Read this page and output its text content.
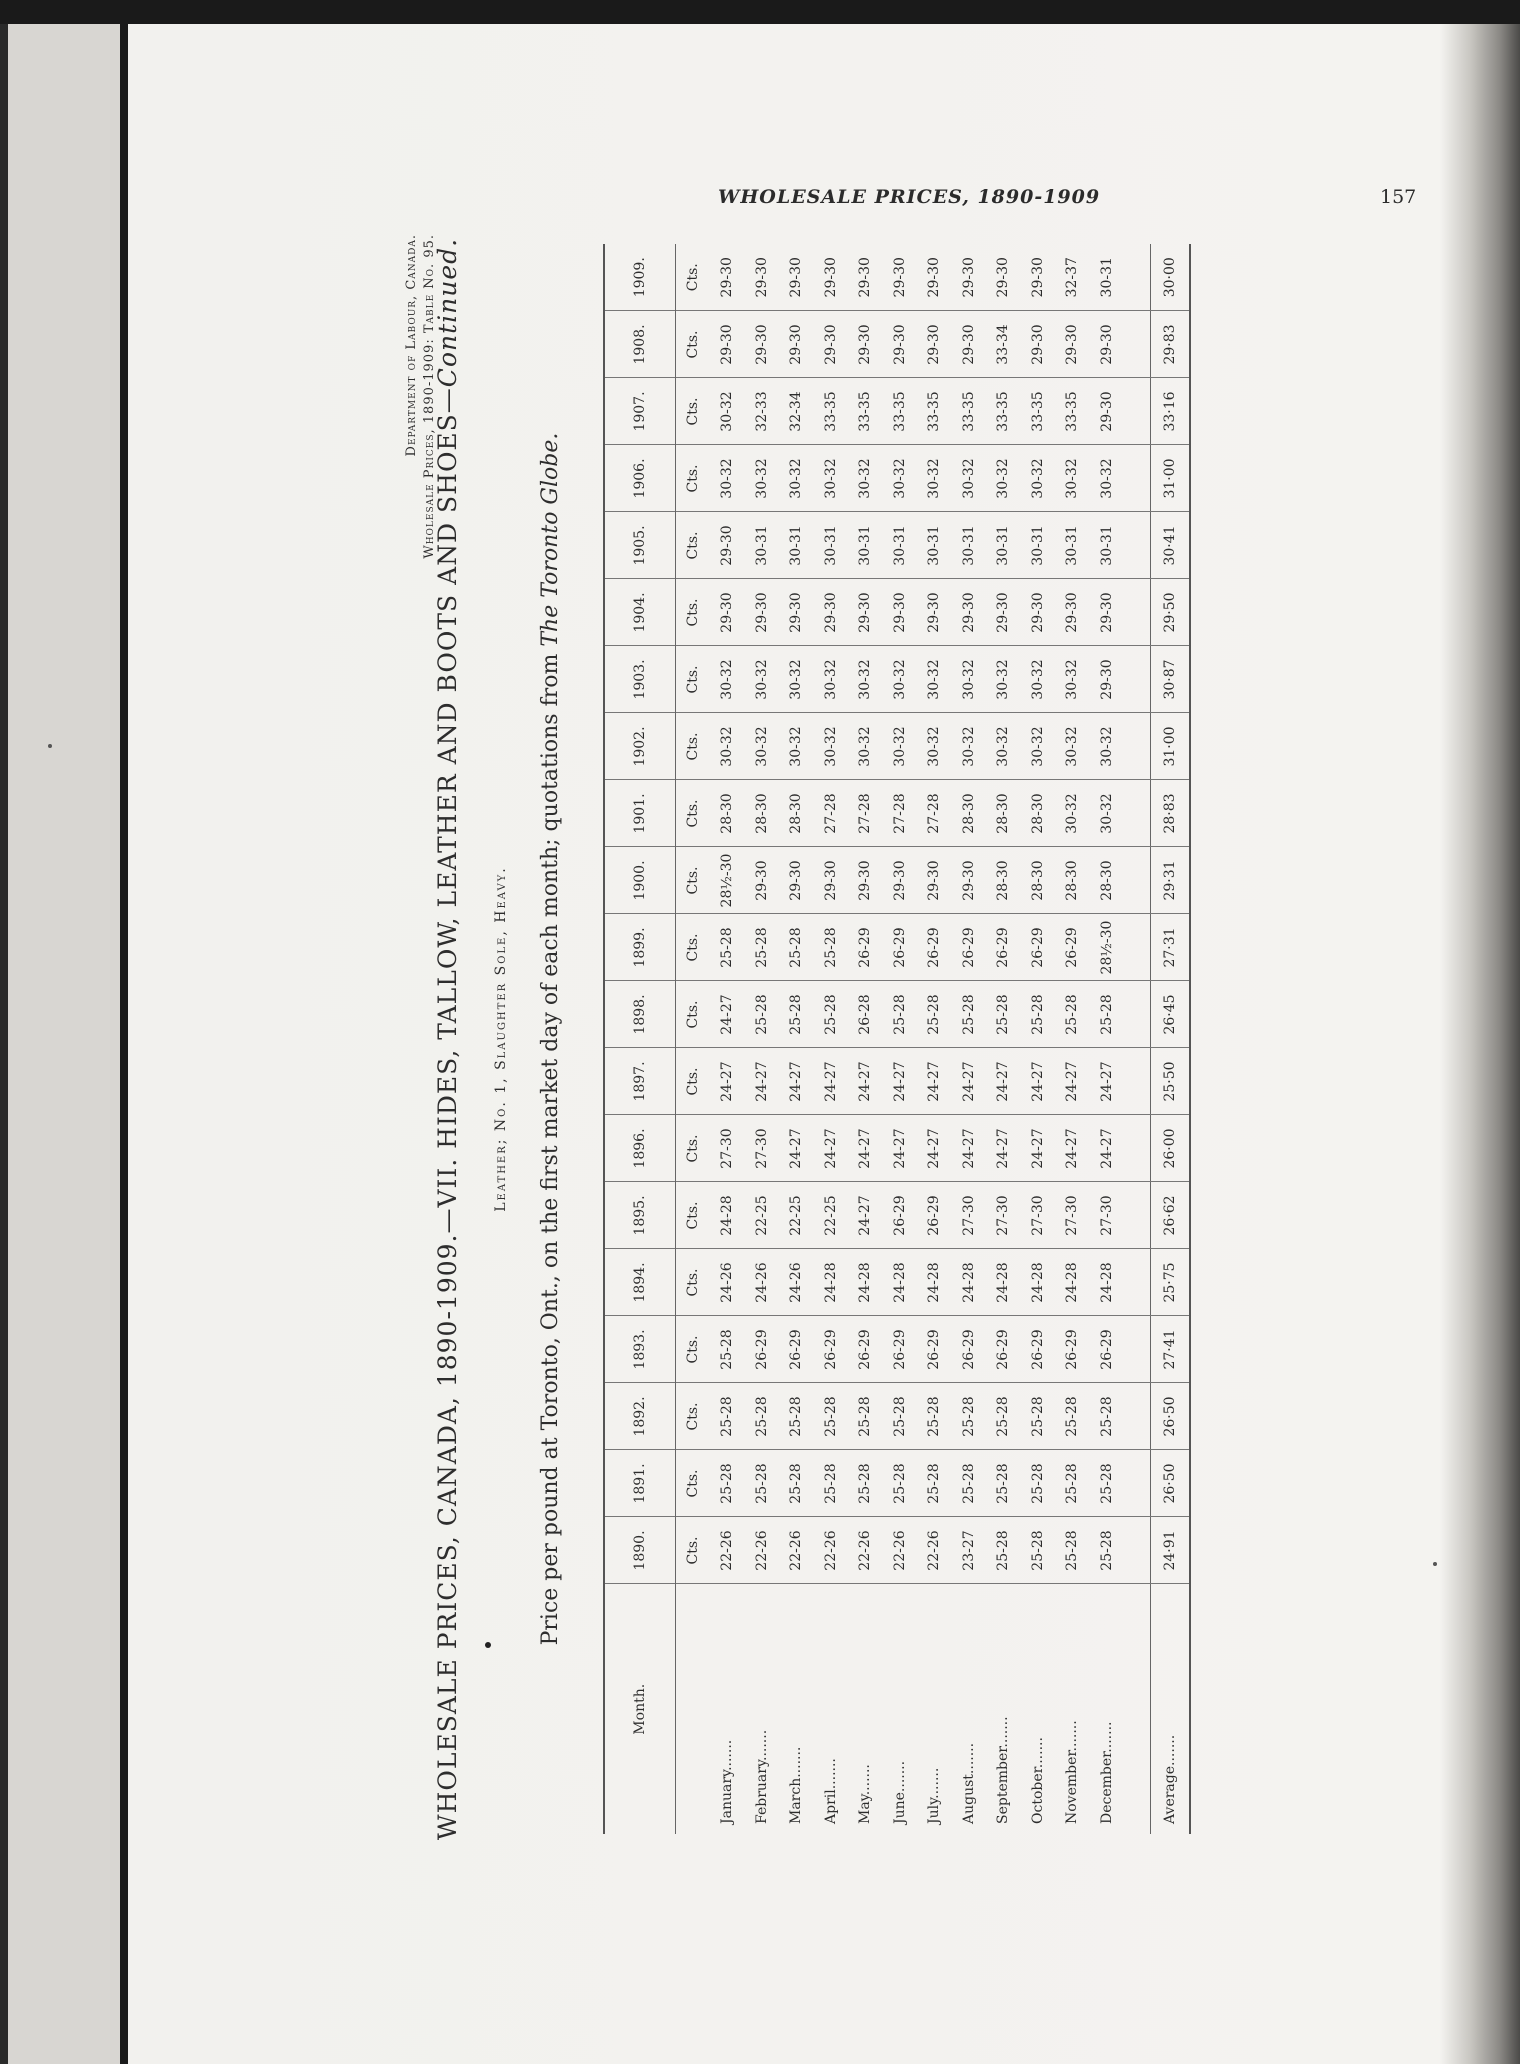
WHOLESALE PRICES, 1890-1909	157
Department of Labour, Canada. Wholesale Prices, 1890-1909: Table No. 95.
WHOLESALE PRICES, CANADA, 1890-1909.—VII. HIDES, TALLOW, LEATHER AND BOOTS AND SHOES—Continued.
Leather; No. 1, Slaughter Sole, Heavy. Price per pound at Toronto, Ont., on the first market day of each month; quotations from The Toronto Globe.
Month.	1890.	1891.	1892.	1893.	1894.	1895.	1896.	1897.	1898.	1899.	1900.	1901.	1902.	1903.	1904.	1905.	1906.	1907.	1908.	1909.
	Cts.	Cts.	Cts.	Cts.	Cts.	Cts.	Cts.	Cts.	Cts.	Cts.	Cts.	Cts.	Cts.	Cts.	Cts.	Cts.	Cts.	Cts.	Cts.	Cts.
January.......	22-26	25-28	25-28	25-28	24-26	24-28	27-30	24-27	24-27	25-28	28½-30	28-30	30-32	30-32	29-30	29-30	30-32	30-32	29-30	29-30
February.......	22-26	25-28	25-28	26-29	24-26	22-25	27-30	24-27	25-28	25-28	29-30	28-30	30-32	30-32	29-30	30-31	30-32	32-33	29-30	29-30
March.......	22-26	25-28	25-28	26-29	24-26	22-25	24-27	24-27	25-28	25-28	29-30	28-30	30-32	30-32	29-30	30-31	30-32	32-34	29-30	29-30
April.......	22-26	25-28	25-28	26-29	24-28	22-25	24-27	24-27	25-28	25-28	29-30	27-28	30-32	30-32	29-30	30-31	30-32	33-35	29-30	29-30
May.......	22-26	25-28	25-28	26-29	24-28	24-27	24-27	24-27	26-28	26-29	29-30	27-28	30-32	30-32	29-30	30-31	30-32	33-35	29-30	29-30
June.......	22-26	25-28	25-28	26-29	24-28	26-29	24-27	24-27	25-28	26-29	29-30	27-28	30-32	30-32	29-30	30-31	30-32	33-35	29-30	29-30
July.......	22-26	25-28	25-28	26-29	24-28	26-29	24-27	24-27	25-28	26-29	29-30	27-28	30-32	30-32	29-30	30-31	30-32	33-35	29-30	29-30
August.......	23-27	25-28	25-28	26-29	24-28	27-30	24-27	24-27	25-28	26-29	29-30	28-30	30-32	30-32	29-30	30-31	30-32	33-35	29-30	29-30
September.......	25-28	25-28	25-28	26-29	24-28	27-30	24-27	24-27	25-28	26-29	28-30	28-30	30-32	30-32	29-30	30-31	30-32	33-35	33-34	29-30
October.......	25-28	25-28	25-28	26-29	24-28	27-30	24-27	24-27	25-28	26-29	28-30	28-30	30-32	30-32	29-30	30-31	30-32	33-35	29-30	29-30
November.......	25-28	25-28	25-28	26-29	24-28	27-30	24-27	24-27	25-28	26-29	28-30	30-32	30-32	30-32	29-30	30-31	30-32	33-35	29-30	32-37
December.......	25-28	25-28	25-28	26-29	24-28	27-30	24-27	24-27	25-28	28½-30	28-30	30-32	30-32	29-30	29-30	30-31	30-32	29-30	29-30	30-31

Average.......	24·91	26·50	26·50	27·41	25·75	26·62	26·00	25·50	26·45	27·31	29·31	28·83	31·00	30·87	29·50	30·41	31·00	33·16	29·83	30·00
